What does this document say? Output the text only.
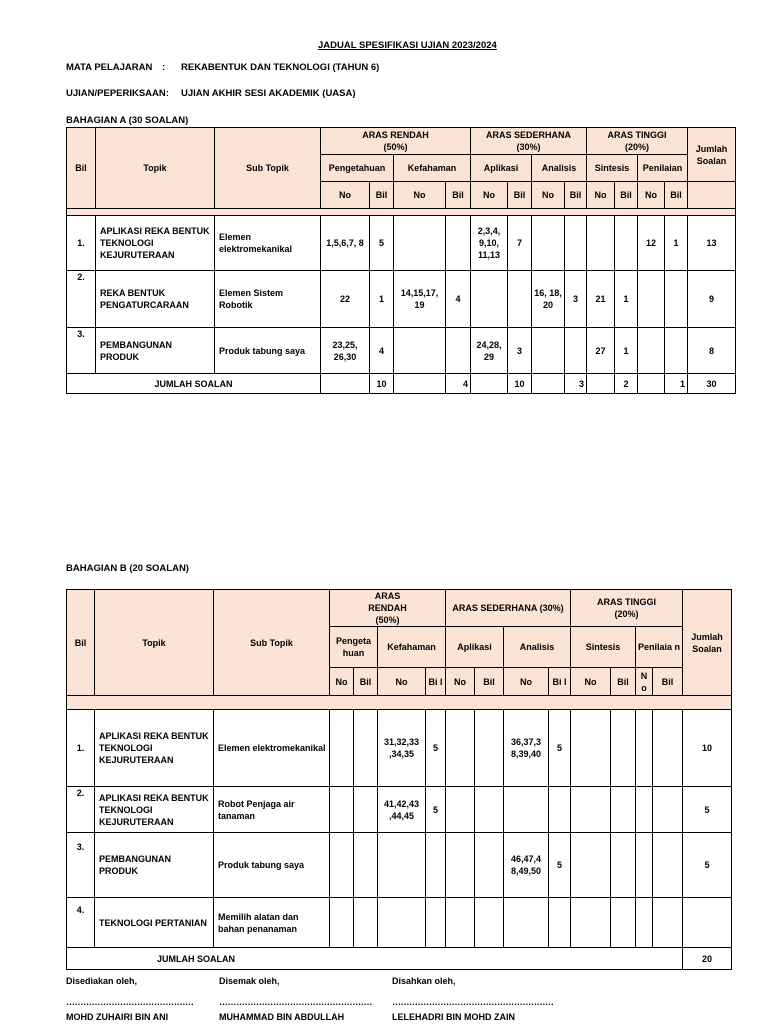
JADUAL SPESIFIKASI UJIAN 2023/2024
MATA PELAJARAN : REKABENTUK DAN TEKNOLOGI (TAHUN 6)
UJIAN/PEPERIKSAAN: UJIAN AKHIR SESI AKADEMIK (UASA)
BAHAGIAN A (30 SOALAN)
Bil	Topik	Sub Topik	ARAS RENDAH (50%)				ARAS SEDERHANA (30%)				ARAS TINGGI (20%)				Jumlah Soalan
			Pengetahuan		Kefahaman		Aplikasi		Analisis		Sintesis		Penilaian		
			No	Bil	No	Bil	No	Bil	No	Bil	No	Bil	No	Bil	

1.	APLIKASI REKA BENTUK TEKNOLOGI KEJURUTERAAN	Elemen elektromekanikal	1,5,6,7, 8	5			2,3,4, 9,10, 11,13	7					12	1	13
2.	REKA BENTUK PENGATURCARAAN	Elemen Sistem Robotik	22	1	14,15,17, 19	4			16, 18, 20	3	21	1			9
3.	PEMBANGUNAN PRODUK	Produk tabung saya	23,25, 26,30	4			24,28, 29	3			27	1			8
JUMLAH SOALAN				10		4		10		3		2		1	30
BAHAGIAN B (20 SOALAN)
Bil	Topik	Sub Topik	ARAS RENDAH (50%)				ARAS SEDERHANA (30%)				ARAS TINGGI (20%)				Jumlah Soalan
			Pengeta huan		Kefahaman		Aplikasi		Analisis		Sintesis		Penilaia n		
			No	Bil	No	Bi l	No	Bil	No	Bi l	No	Bil	N o	Bil	

1.	APLIKASI REKA BENTUK TEKNOLOGI KEJURUTERAAN	Elemen elektromekanikal			31,32,33 ,34,35	5			36,37,3 8,39,40	5					10
2.	APLIKASI REKA BENTUK TEKNOLOGI KEJURUTERAAN	Robot Penjaga air tanaman			41,42,43 ,44,45	5									5
3.	PEMBANGUNAN PRODUK	Produk tabung saya							46,47,4 8,49,50	5					5
4.	TEKNOLOGI PERTANIAN	Memilih alatan dan bahan penanaman													
JUMLAH SOALAN															20
Disediakan oleh,
………………………………………
MOHD ZUHAIRI BIN ANI
Disemak oleh,
………………………………………………
MUHAMMAD BIN ABDULLAH
Disahkan oleh,
…………………………………………………
LELEHADRI BIN MOHD ZAIN
